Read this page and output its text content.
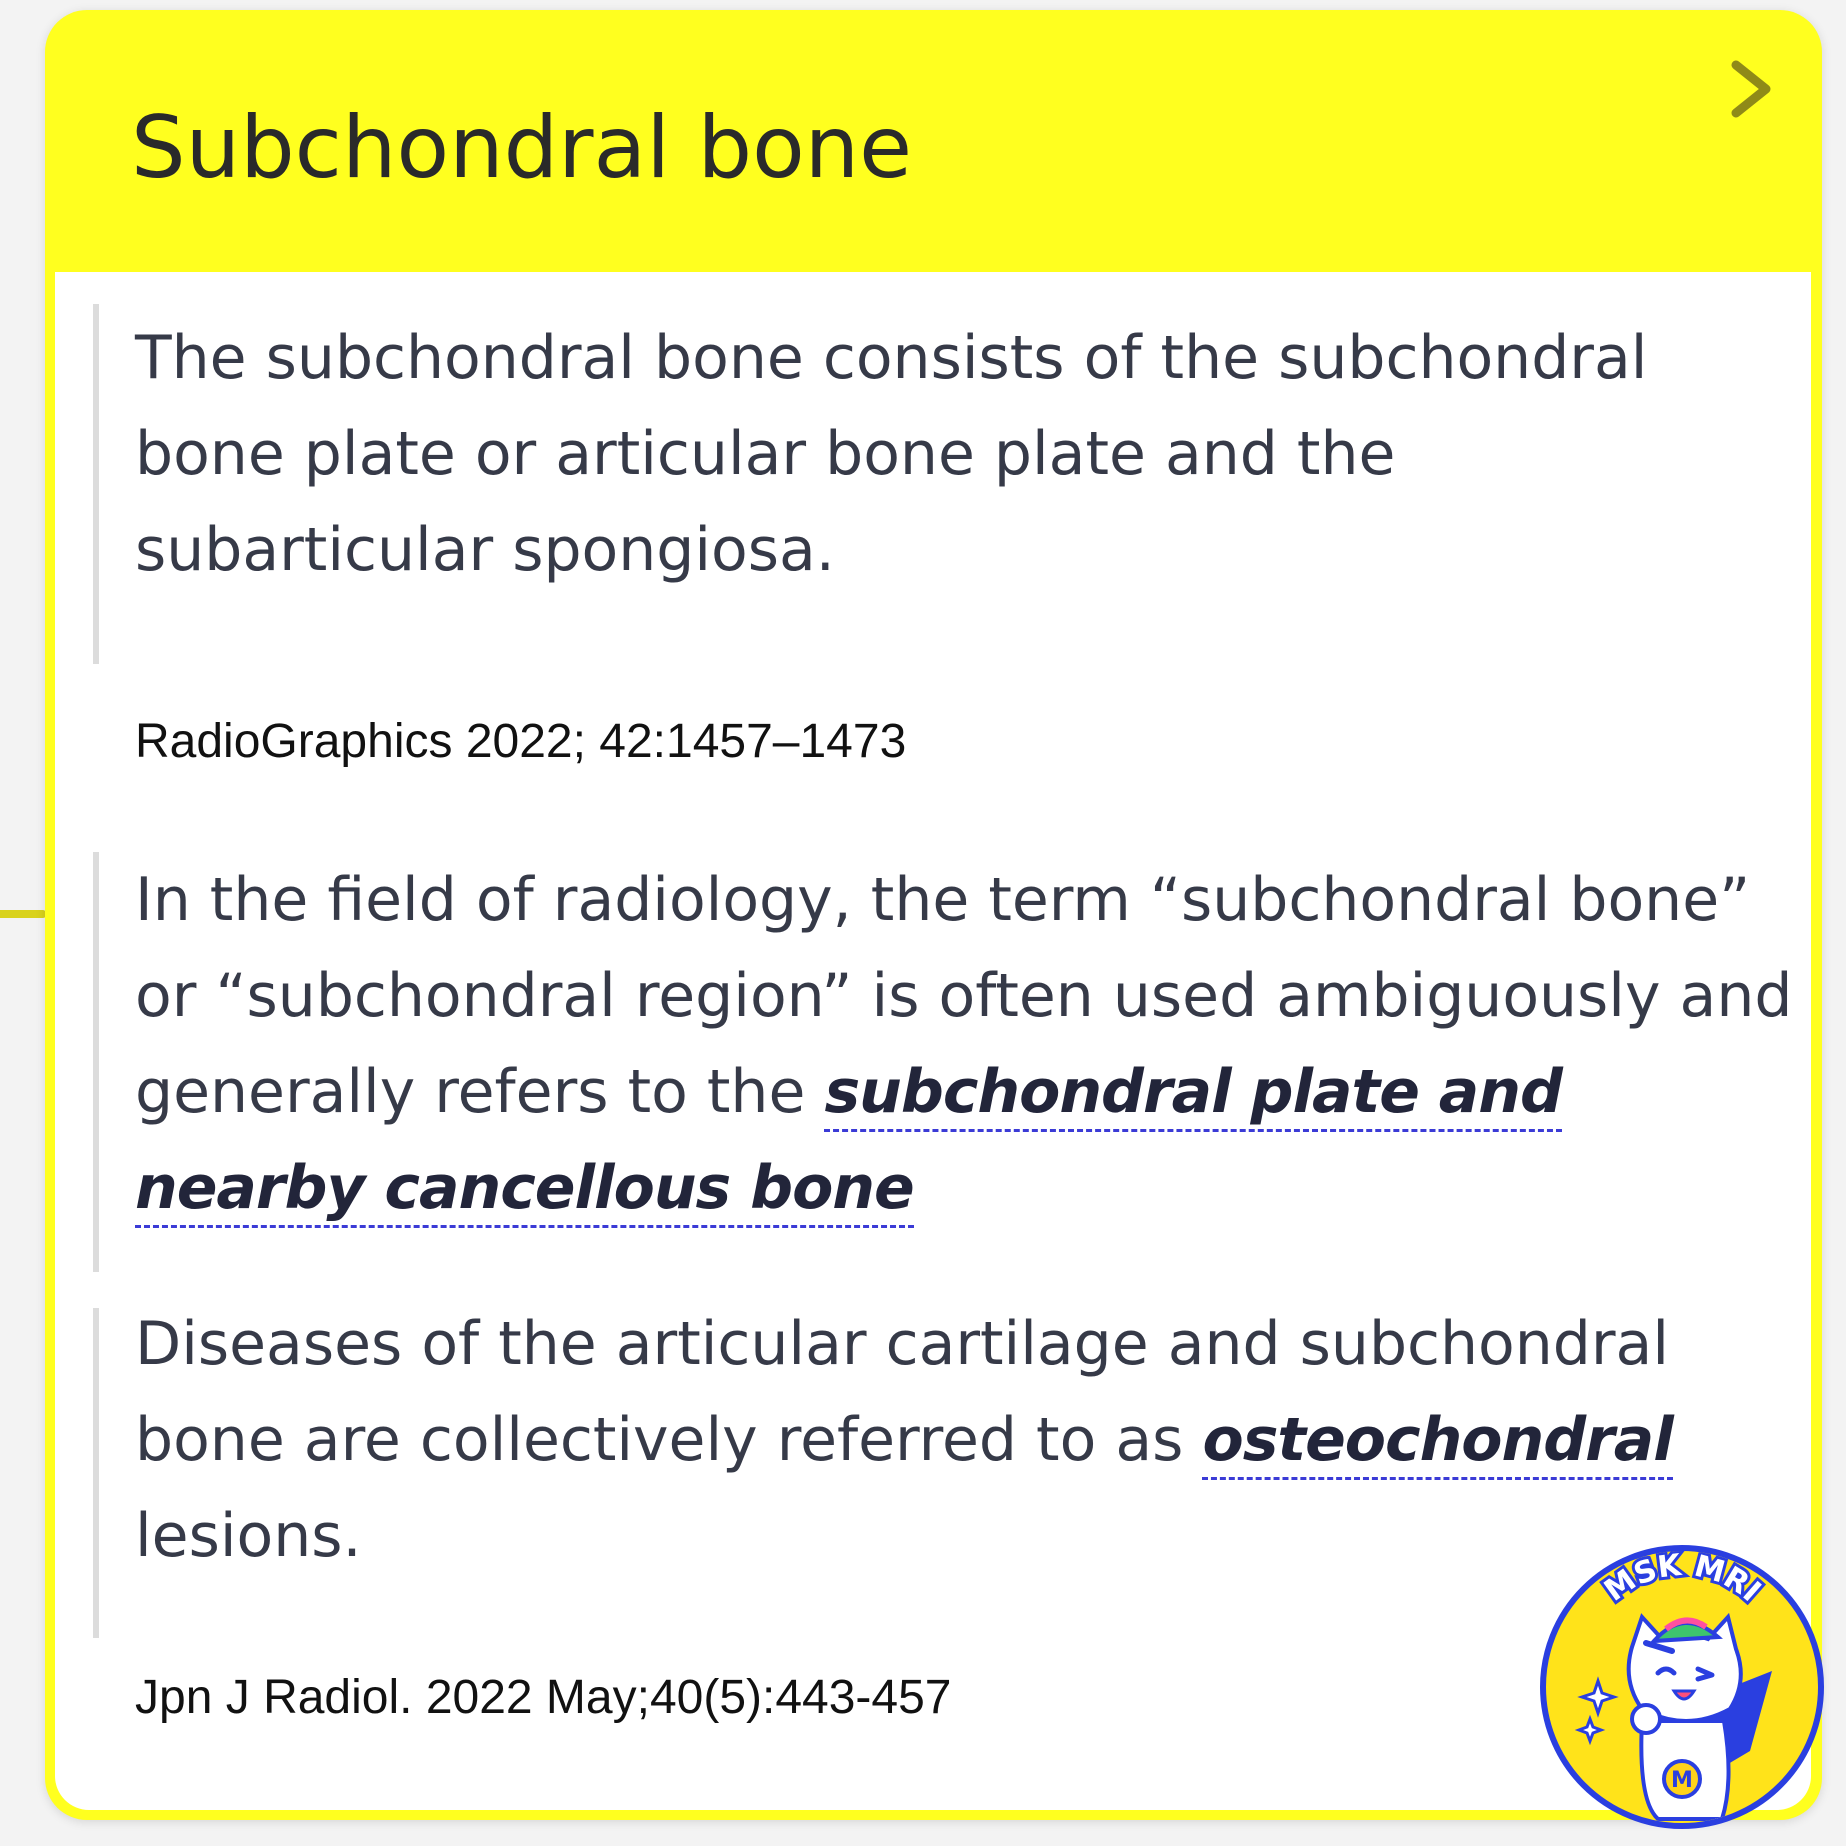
Subchondral bone

The subchondral bone consists of the subchondral bone plate or articular bone plate and the subarticular spongiosa.

RadioGraphics 2022; 42:1457–1473

In the field of radiology, the term “subchondral bone” or “subchondral region” is often used ambiguously and generally refers to the subchondral plate and nearby cancellous bone

Diseases of the articular cartilage and subchondral bone are collectively referred to as osteochondral lesions.

Jpn J Radiol. 2022 May;40(5):443-457
MSK MRI
M
